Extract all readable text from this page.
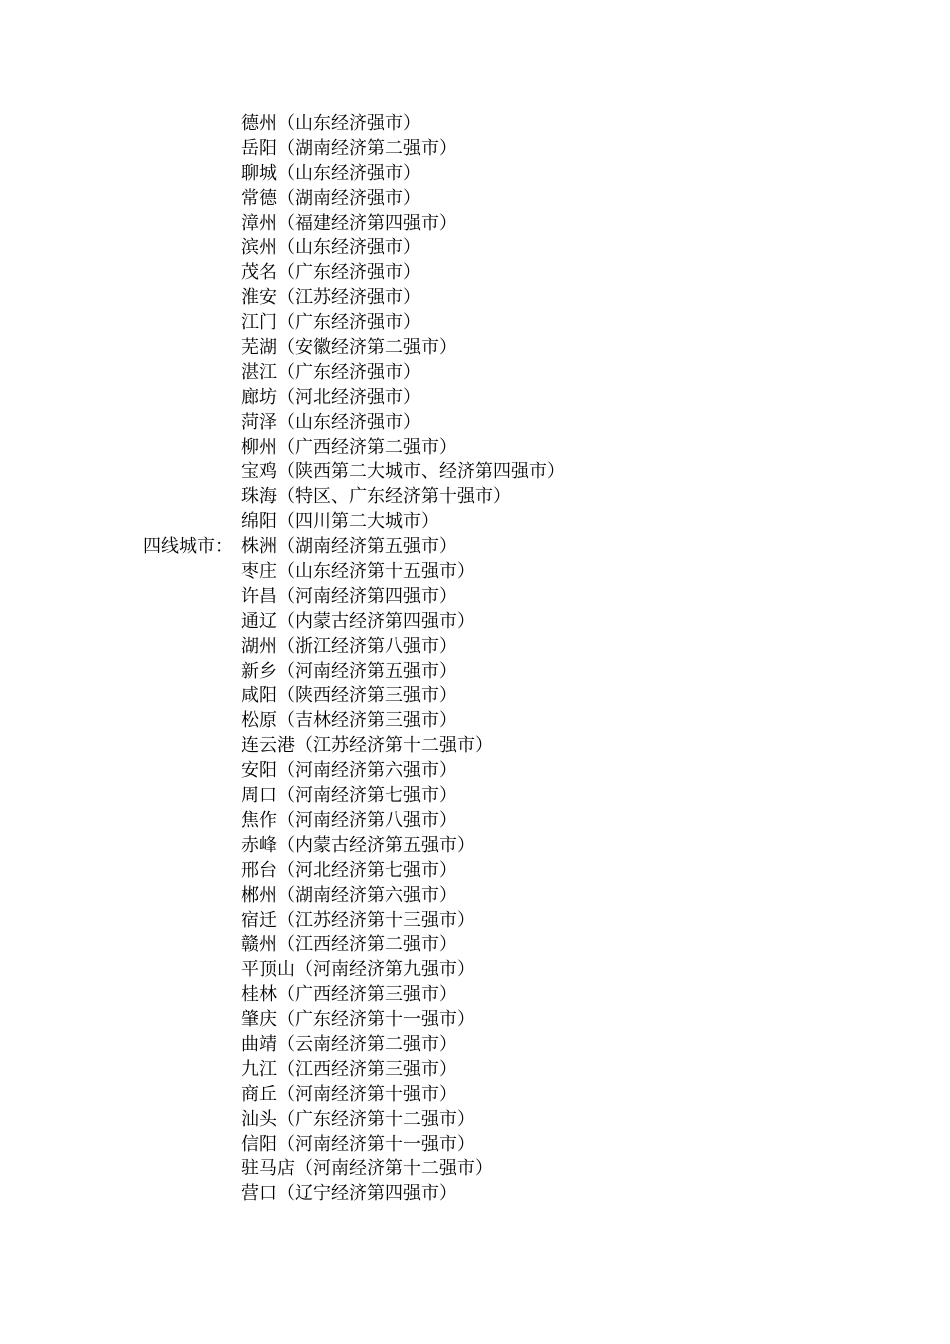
德州（山东经济强市）
岳阳（湖南经济第二强市）
聊城（山东经济强市）
常德（湖南经济强市）
漳州（福建经济第四强市）
滨州（山东经济强市）
茂名（广东经济强市）
淮安（江苏经济强市）
江门（广东经济强市）
芜湖（安徽经济第二强市）
湛江（广东经济强市）
廊坊（河北经济强市）
菏泽（山东经济强市）
柳州（广西经济第二强市）
宝鸡（陕西第二大城市、经济第四强市）
珠海（特区、广东经济第十强市）
绵阳（四川第二大城市）
四线城市： 株洲（湖南经济第五强市）
枣庄（山东经济第十五强市）
许昌（河南经济第四强市）
通辽（内蒙古经济第四强市）
湖州（浙江经济第八强市）
新乡（河南经济第五强市）
咸阳（陕西经济第三强市）
松原（吉林经济第三强市）
连云港（江苏经济第十二强市）
安阳（河南经济第六强市）
周口（河南经济第七强市）
焦作（河南经济第八强市）
赤峰（内蒙古经济第五强市）
邢台（河北经济第七强市）
郴州（湖南经济第六强市）
宿迁（江苏经济第十三强市）
赣州（江西经济第二强市）
平顶山（河南经济第九强市）
桂林（广西经济第三强市）
肇庆（广东经济第十一强市）
曲靖（云南经济第二强市）
九江（江西经济第三强市）
商丘（河南经济第十强市）
汕头（广东经济第十二强市）
信阳（河南经济第十一强市）
驻马店（河南经济第十二强市）
营口（辽宁经济第四强市）
